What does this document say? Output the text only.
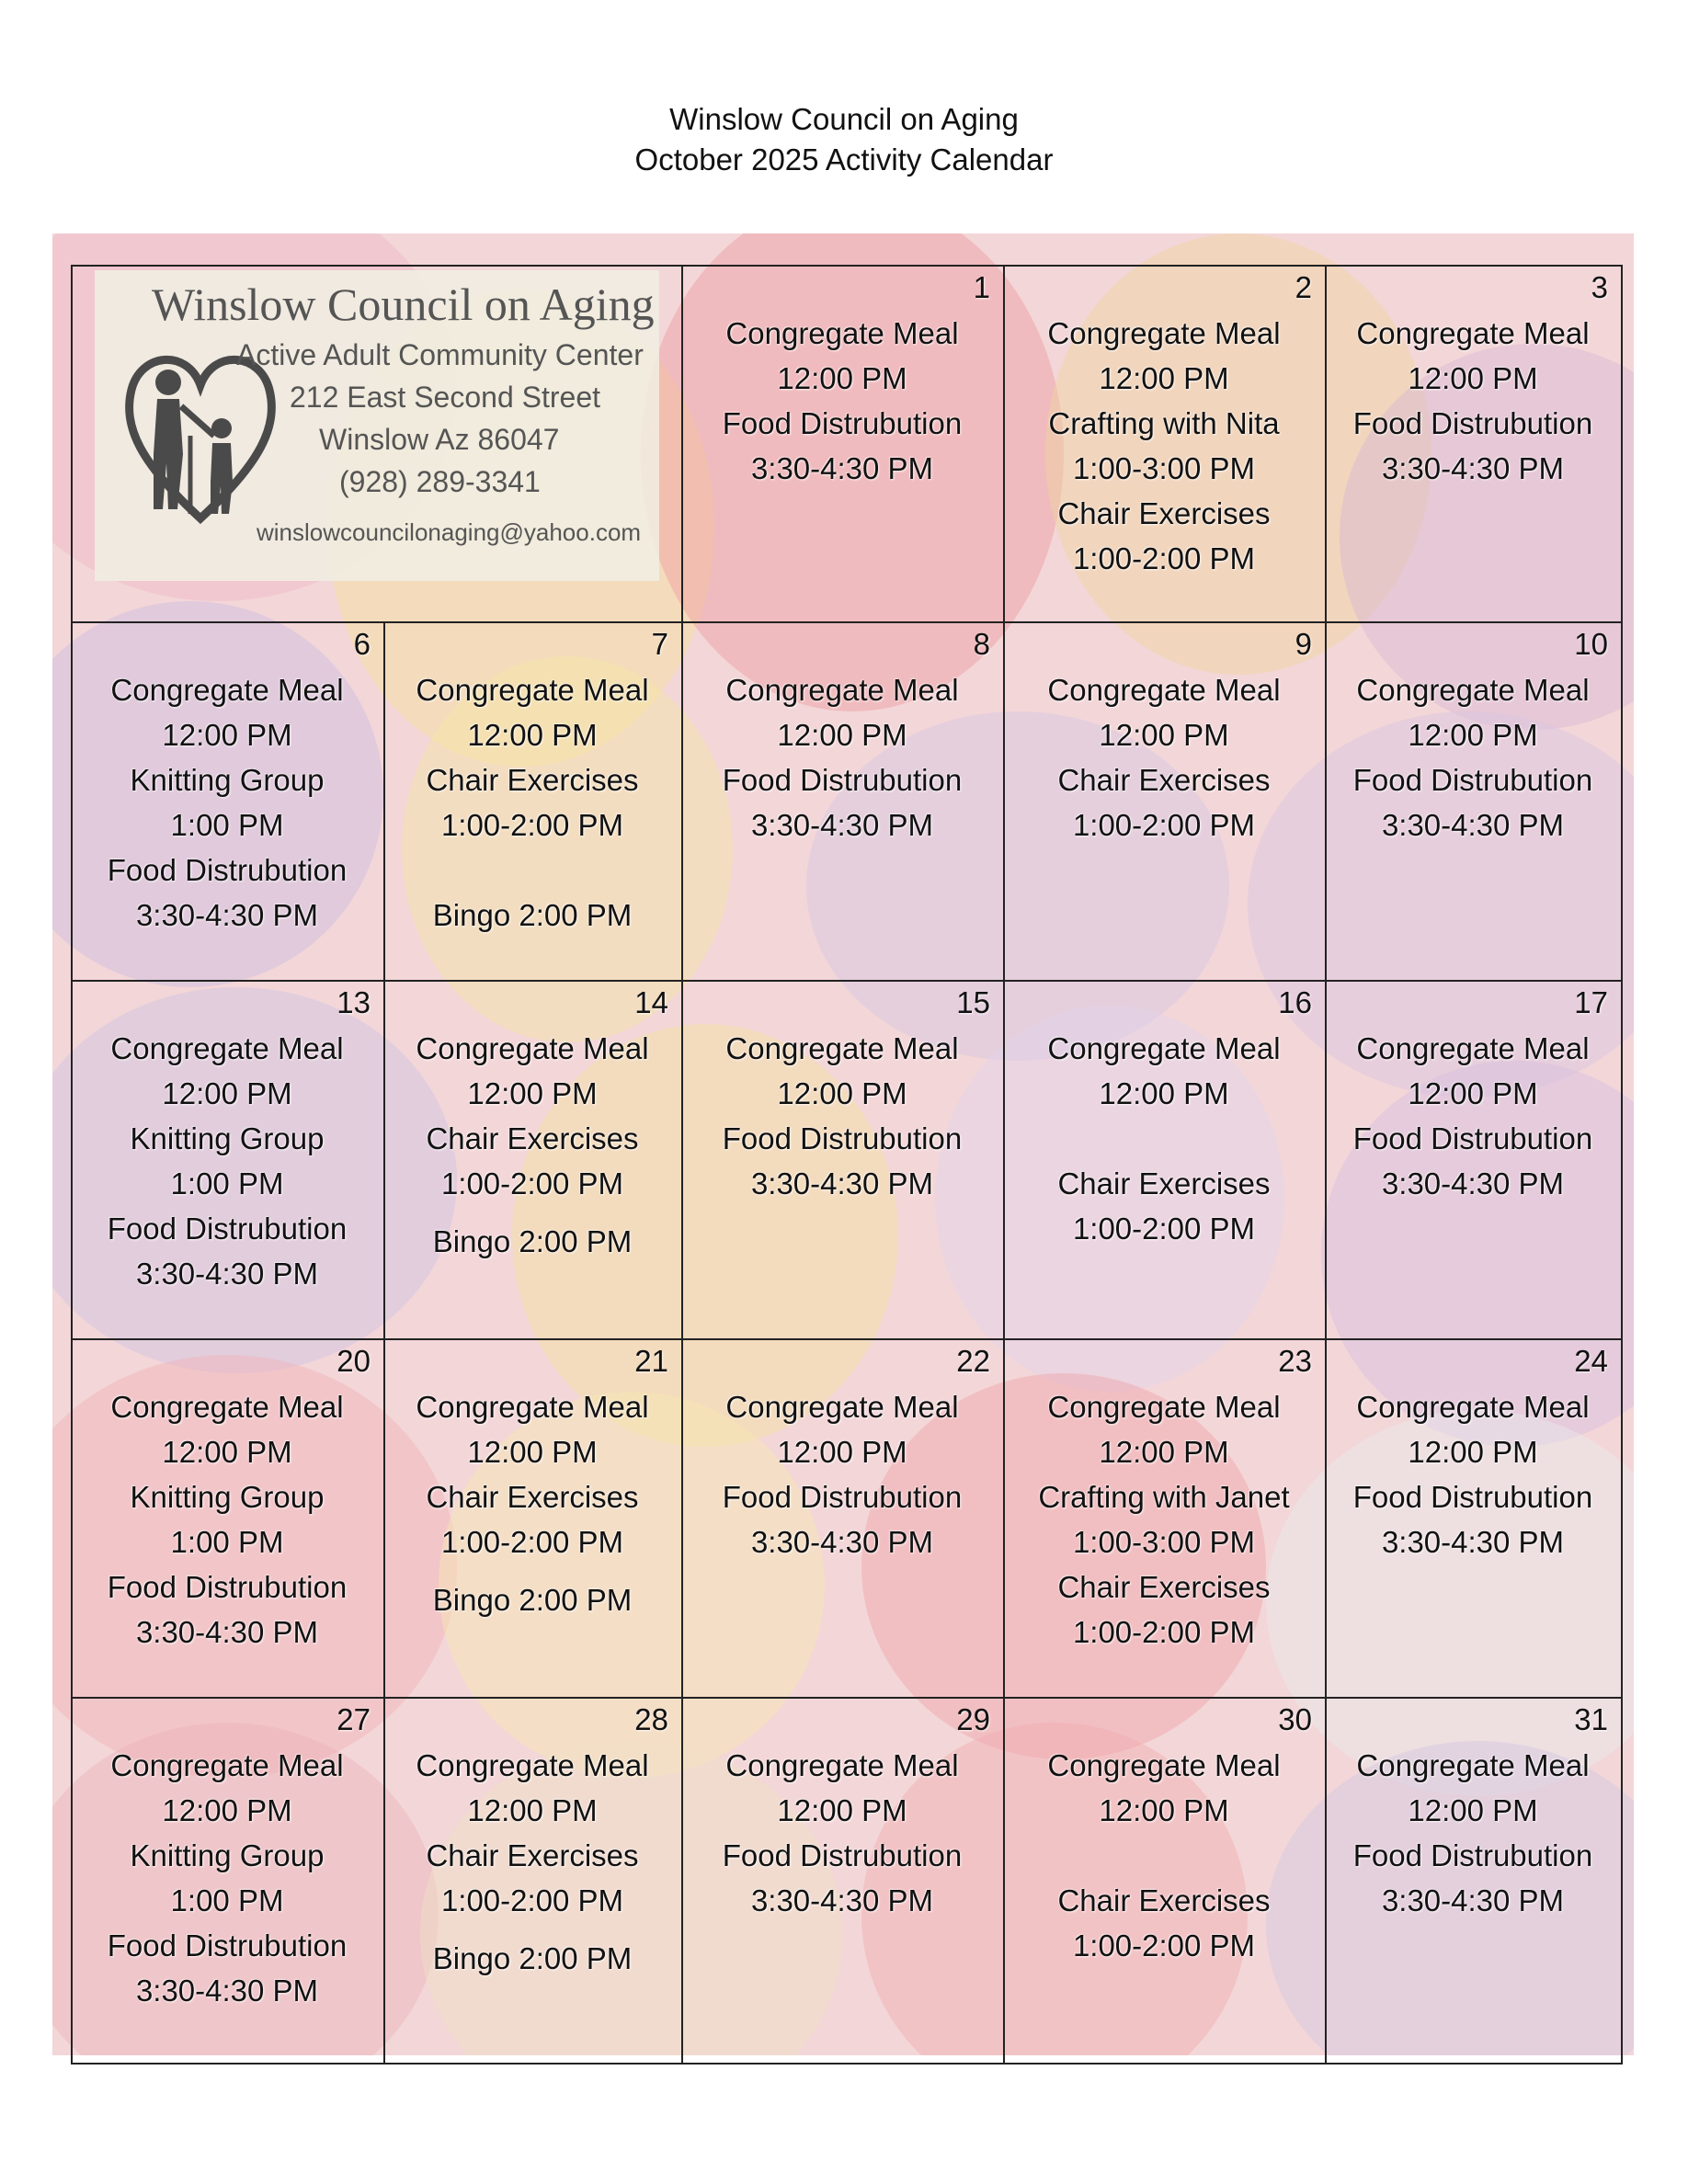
Winslow Council on Aging
October 2025 Activity Calendar
Winslow Council on Aging
Active Adult Community Center
212 East Second Street
Winslow Az 86047
(928) 289-3341
winslowcouncilonaging@yahoo.com
1
Congregate Meal
12:00 PM
Food Distrubution
3:30-4:30 PM
2
Congregate Meal
12:00 PM
Crafting with Nita
1:00-3:00 PM
Chair Exercises
1:00-2:00 PM
3
Congregate Meal
12:00 PM
Food Distrubution
3:30-4:30 PM
6
Congregate Meal
12:00 PM
Knitting Group
1:00 PM
Food Distrubution
3:30-4:30 PM
7
Congregate Meal
12:00 PM
Chair Exercises
1:00-2:00 PM
Bingo 2:00 PM
8
Congregate Meal
12:00 PM
Food Distrubution
3:30-4:30 PM
9
Congregate Meal
12:00 PM
Chair Exercises
1:00-2:00 PM
10
Congregate Meal
12:00 PM
Food Distrubution
3:30-4:30 PM
13
Congregate Meal
12:00 PM
Knitting Group
1:00 PM
Food Distrubution
3:30-4:30 PM
14
Congregate Meal
12:00 PM
Chair Exercises
1:00-2:00 PM
Bingo 2:00 PM
15
Congregate Meal
12:00 PM
Food Distrubution
3:30-4:30 PM
16
Congregate Meal
12:00 PM
Chair Exercises
1:00-2:00 PM
17
Congregate Meal
12:00 PM
Food Distrubution
3:30-4:30 PM
20
Congregate Meal
12:00 PM
Knitting Group
1:00 PM
Food Distrubution
3:30-4:30 PM
21
Congregate Meal
12:00 PM
Chair Exercises
1:00-2:00 PM
Bingo 2:00 PM
22
Congregate Meal
12:00 PM
Food Distrubution
3:30-4:30 PM
23
Congregate Meal
12:00 PM
Crafting with Janet
1:00-3:00 PM
Chair Exercises
1:00-2:00 PM
24
Congregate Meal
12:00 PM
Food Distrubution
3:30-4:30 PM
27
Congregate Meal
12:00 PM
Knitting Group
1:00 PM
Food Distrubution
3:30-4:30 PM
28
Congregate Meal
12:00 PM
Chair Exercises
1:00-2:00 PM
Bingo 2:00 PM
29
Congregate Meal
12:00 PM
Food Distrubution
3:30-4:30 PM
30
Congregate Meal
12:00 PM
Chair Exercises
1:00-2:00 PM
31
Congregate Meal
12:00 PM
Food Distrubution
3:30-4:30 PM
